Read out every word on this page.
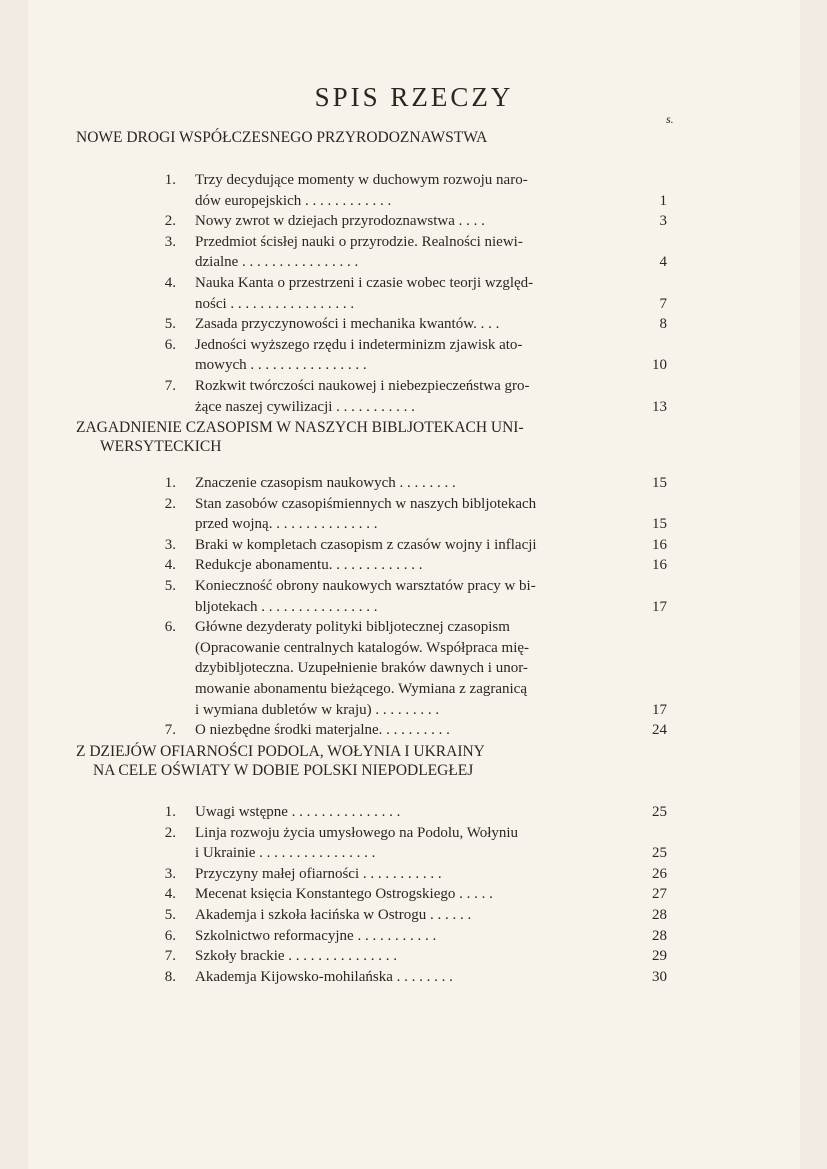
SPIS RZECZY
s.
NOWE DROGI WSPÓŁCZESNEGO PRZYRODOZNAWSTWA
1. Trzy decydujące momenty w duchowym rozwoju naro-
dów europejskich . . . . . . . . . . . .	1
2. Nowy zwrot w dziejach przyrodoznawstwa . . . .	3
3. Przedmiot ścisłej nauki o przyrodzie. Realności niewi-
dzialne . . . . . . . . . . . . . . . .	4
4. Nauka Kanta o przestrzeni i czasie wobec teorji względ-
ności . . . . . . . . . . . . . . . . .	7
5. Zasada przyczynowości i mechanika kwantów. . . .	8
6. Jedności wyższego rzędu i indeterminizm zjawisk ato-
mowych . . . . . . . . . . . . . . . .	10
7. Rozkwit twórczości naukowej i niebezpieczeństwa gro-
żące naszej cywilizacji . . . . . . . . . . .	13
ZAGADNIENIE CZASOPISM W NASZYCH BIBLJOTEKACH UNI-
WERSYTECKICH
1. Znaczenie czasopism naukowych . . . . . . . .	15
2. Stan zasobów czasopiśmiennych w naszych bibljotekach
przed wojną. . . . . . . . . . . . . . .	15
3. Braki w kompletach czasopism z czasów wojny i inflacji	16
4. Redukcje abonamentu. . . . . . . . . . . . .	16
5. Konieczność obrony naukowych warsztatów pracy w bi-
bljotekach . . . . . . . . . . . . . . . .	17
6. Główne dezyderaty polityki bibljotecznej czasopism
(Opracowanie centralnych katalogów. Współpraca mię-
dzybibljoteczna. Uzupełnienie braków dawnych i unor-
mowanie abonamentu bieżącego. Wymiana z zagranicą
i wymiana dubletów w kraju) . . . . . . . . .	17
7. O niezbędne środki materjalne. . . . . . . . . .	24
Z DZIEJÓW OFIARNOŚCI PODOLA, WOŁYNIA I UKRAINY
NA CELE OŚWIATY W DOBIE POLSKI NIEPODLEGŁEJ
1. Uwagi wstępne . . . . . . . . . . . . . . .	25
2. Linja rozwoju życia umysłowego na Podolu, Wołyniu
i Ukrainie . . . . . . . . . . . . . . . .	25
3. Przyczyny małej ofiarności . . . . . . . . . . .	26
4. Mecenat księcia Konstantego Ostrogskiego . . . . .	27
5. Akademja i szkoła łacińska w Ostrogu . . . . . .	28
6. Szkolnictwo reformacyjne . . . . . . . . . . .	28
7. Szkoły brackie . . . . . . . . . . . . . . .	29
8. Akademja Kijowsko-mohilańska . . . . . . . .	30
